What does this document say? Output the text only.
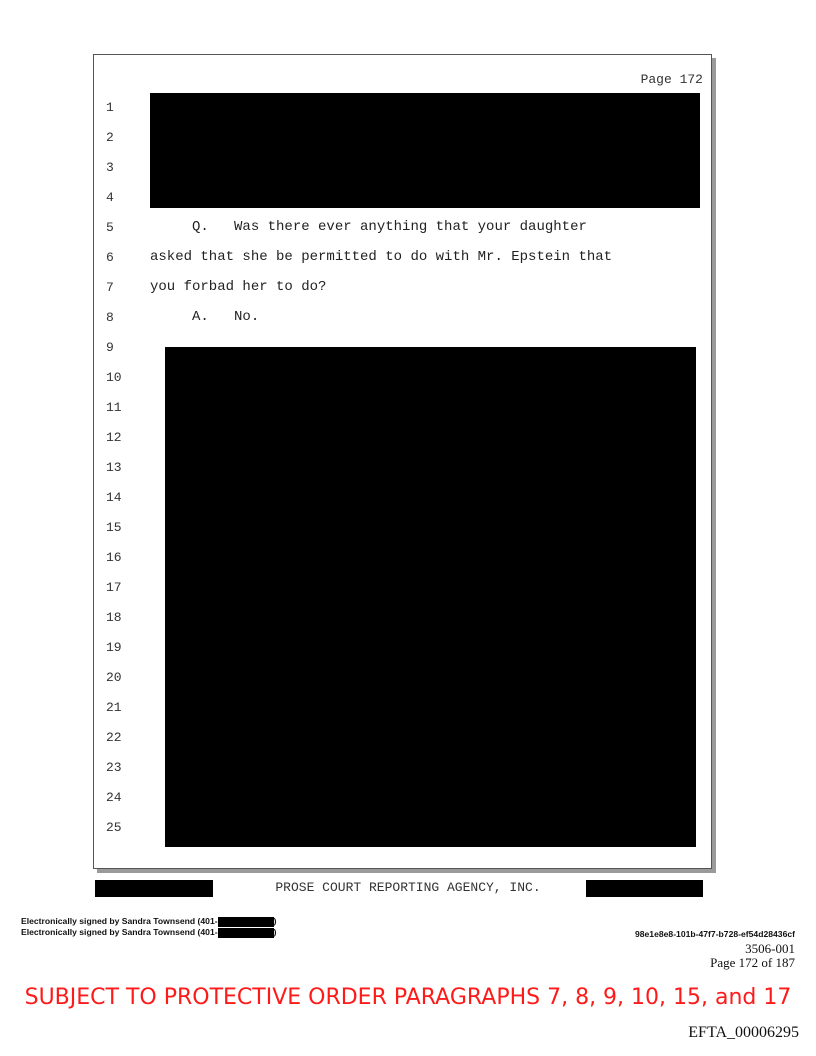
Page 172
1
2
3
4
5
6
7
8
9
10
11
12
13
14
15
16
17
18
19
20
21
22
23
24
25
Q.   Was there ever anything that your daughter
asked that she be permitted to do with Mr. Epstein that
you forbad her to do?
A.   No.
PROSE COURT REPORTING AGENCY, INC.
Electronically signed by Sandra Townsend (401-	)
Electronically signed by Sandra Townsend (401-	)	98e1e8e8-101b-47f7-b728-ef54d28436cf
3506-001
Page 172 of 187
SUBJECT TO PROTECTIVE ORDER PARAGRAPHS 7, 8, 9, 10, 15, and 17
EFTA_00006295
